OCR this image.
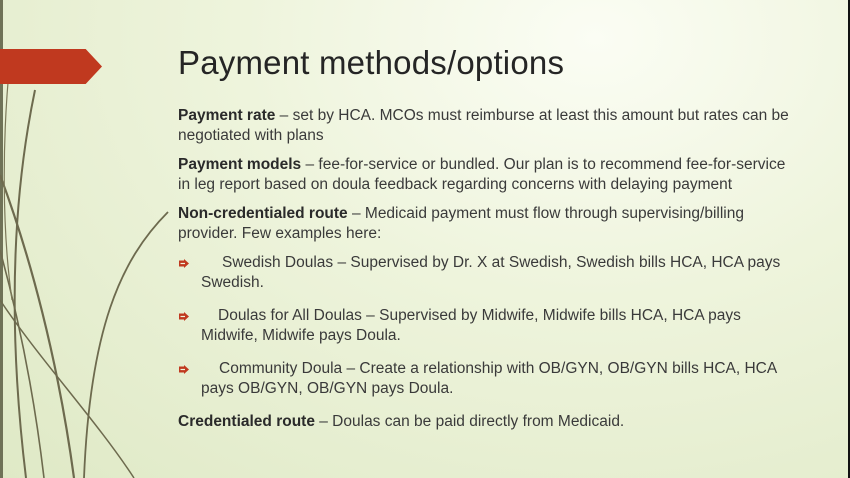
Payment methods/options

Payment rate – set by HCA. MCOs must reimburse at least this amount but rates can be negotiated with plans

Payment models – fee-for-service or bundled. Our plan is to recommend fee-for-service in leg report based on doula feedback regarding concerns with delaying payment

Non-credentialed route – Medicaid payment must flow through supervising/billing provider. Few examples here:

Swedish Doulas – Supervised by Dr. X at Swedish, Swedish bills HCA, HCA pays Swedish.
Doulas for All Doulas – Supervised by Midwife, Midwife bills HCA, HCA pays Midwife, Midwife pays Doula.
Community Doula – Create a relationship with OB/GYN, OB/GYN bills HCA, HCA pays OB/GYN, OB/GYN pays Doula.

Credentialed route – Doulas can be paid directly from Medicaid.
